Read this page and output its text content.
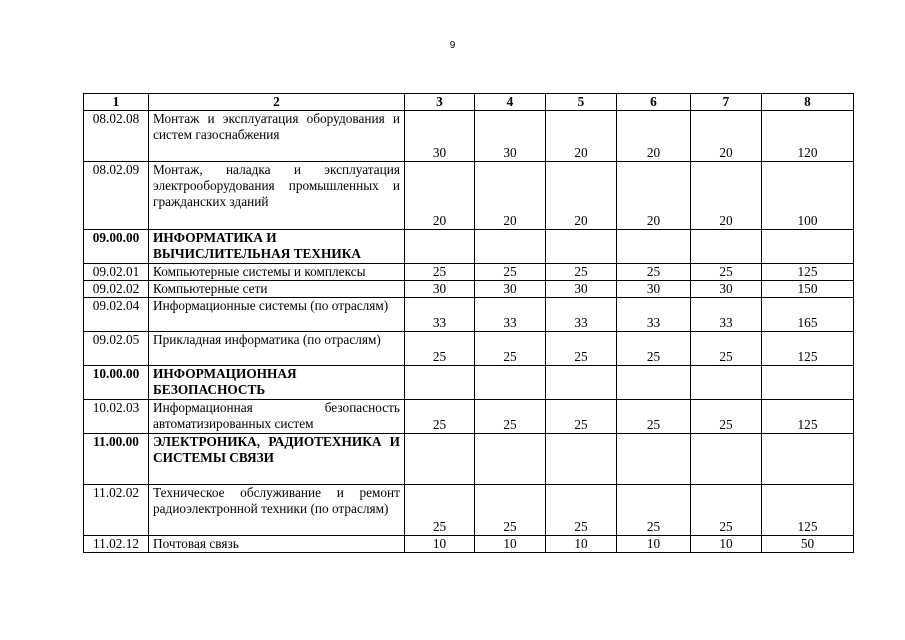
9
1	2	3	4	5	6	7	8
08.02.08	Монтаж и эксплуатация оборудования и систем газоснабжения	30	30	20	20	20	120
08.02.09	Монтаж, наладка и эксплуатация электрооборудования промышленных и гражданских зданий	20	20	20	20	20	100
09.00.00	ИНФОРМАТИКА И ВЫЧИСЛИТЕЛЬНАЯ ТЕХНИКА						
09.02.01	Компьютерные системы и комплексы	25	25	25	25	25	125
09.02.02	Компьютерные сети	30	30	30	30	30	150
09.02.04	Информационные системы (по отраслям)	33	33	33	33	33	165
09.02.05	Прикладная информатика (по отраслям)	25	25	25	25	25	125
10.00.00	ИНФОРМАЦИОННАЯ БЕЗОПАСНОСТЬ						
10.02.03	Информационная безопасность автоматизированных систем	25	25	25	25	25	125
11.00.00	ЭЛЕКТРОНИКА, РАДИОТЕХНИКА И СИСТЕМЫ СВЯЗИ						
11.02.02	Техническое обслуживание и ремонт радиоэлектронной техники (по отраслям)	25	25	25	25	25	125
11.02.12	Почтовая связь	10	10	10	10	10	50
